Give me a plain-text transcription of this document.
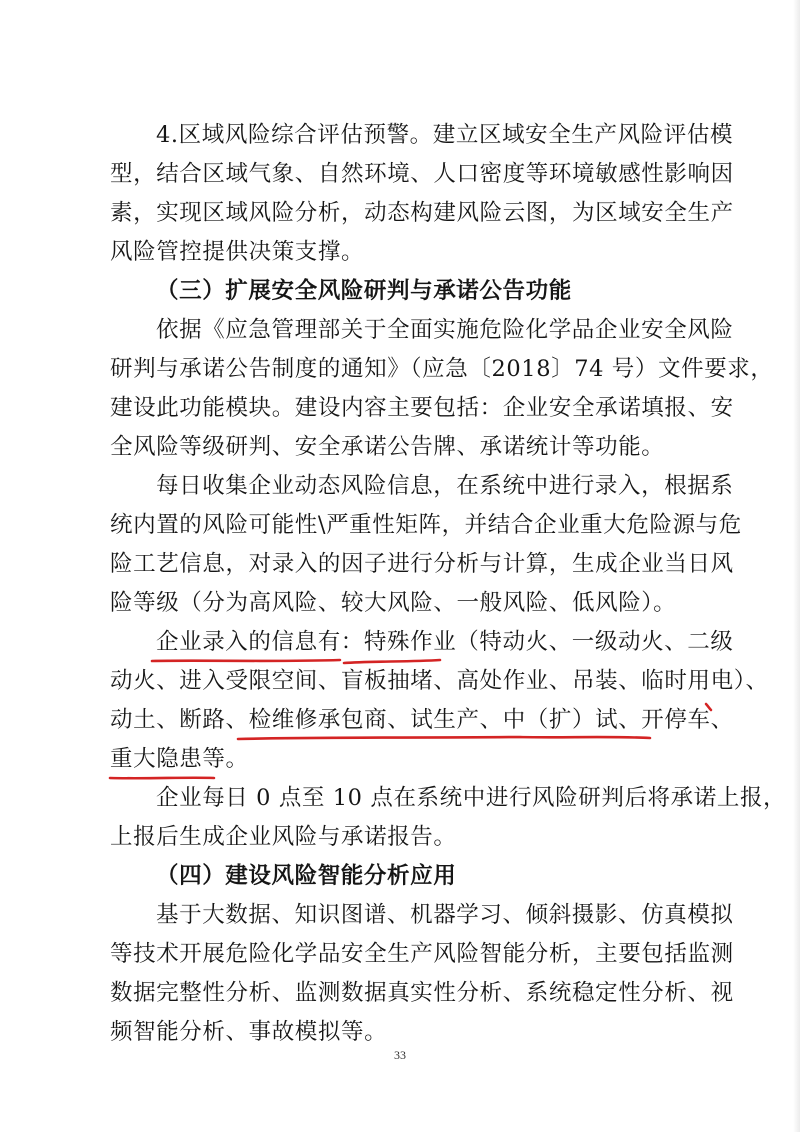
4.区域风险综合评估预警。建立区域安全生产风险评估模
型，结合区域气象、自然环境、人口密度等环境敏感性影响因
素，实现区域风险分析，动态构建风险云图，为区域安全生产
风险管控提供决策支撑。
（三）扩展安全风险研判与承诺公告功能
依据《应急管理部关于全面实施危险化学品企业安全风险
研判与承诺公告制度的通知》（应急〔2018〕74 号）文件要求，
建设此功能模块。建设内容主要包括：企业安全承诺填报、安
全风险等级研判、安全承诺公告牌、承诺统计等功能。
每日收集企业动态风险信息，在系统中进行录入，根据系
统内置的风险可能性\严重性矩阵，并结合企业重大危险源与危
险工艺信息，对录入的因子进行分析与计算，生成企业当日风
险等级（分为高风险、较大风险、一般风险、低风险）。
企业录入的信息有：特殊作业（特动火、一级动火、二级
动火、进入受限空间、盲板抽堵、高处作业、吊装、临时用电）、
动土、断路、检维修承包商、试生产、中（扩）试、开停车、
重大隐患等。
企业每日 0 点至 10 点在系统中进行风险研判后将承诺上报，
上报后生成企业风险与承诺报告。
（四）建设风险智能分析应用
基于大数据、知识图谱、机器学习、倾斜摄影、仿真模拟
等技术开展危险化学品安全生产风险智能分析，主要包括监测
数据完整性分析、监测数据真实性分析、系统稳定性分析、视
频智能分析、事故模拟等。
33
